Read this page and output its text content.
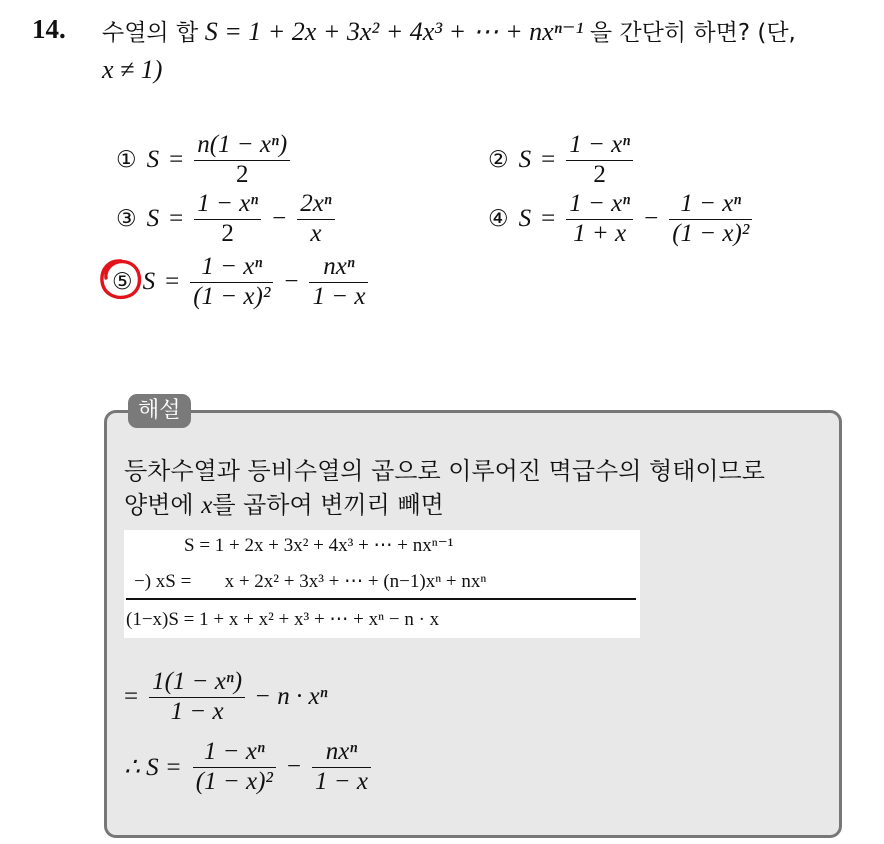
14. 수열의 합 S = 1 + 2x + 3x² + 4x³ + ⋯ + nxⁿ⁻¹ 을 간단히 하면? (단,
x ≠ 1)
① $S = \frac{\text{n(1 − xⁿ)}}{2}$	② $S = \frac{\text{1 − xⁿ}}{2}$
③ $S = \frac{\text{1 − xⁿ}}{2} - \frac{\text{2xⁿ}}{x}$	④ $S = \frac{\text{1 − xⁿ}}{1 + x} - \frac{\text{1 − xⁿ}}{\text{(1 − x)²}}$
⑤ $S = \frac{\text{1 − xⁿ}}{\text{(1 − x)²}} - \frac{\text{nxⁿ}}{1 - x}$
해설
등차수열과 등비수열의 곱으로 이루어진 멱급수의 형태이므로
양변에 x를 곱하여 변끼리 빼면
S = 1 + 2x + 3x² + 4x³ + ⋯ + nxⁿ⁻¹
−) xS =       x + 2x² + 3x³ + ⋯ + (n−1)xⁿ + nxⁿ
(1−x)S = 1 + x + x² + x³ + ⋯ + xⁿ − n · x
= $\frac{\text{1(1 − xⁿ)}}{1 - x} - n \cdot x^n$
∴ $S = \frac{\text{1 − xⁿ}}{\text{(1 − x)²}} - \frac{\text{nxⁿ}}{1 - x}$
